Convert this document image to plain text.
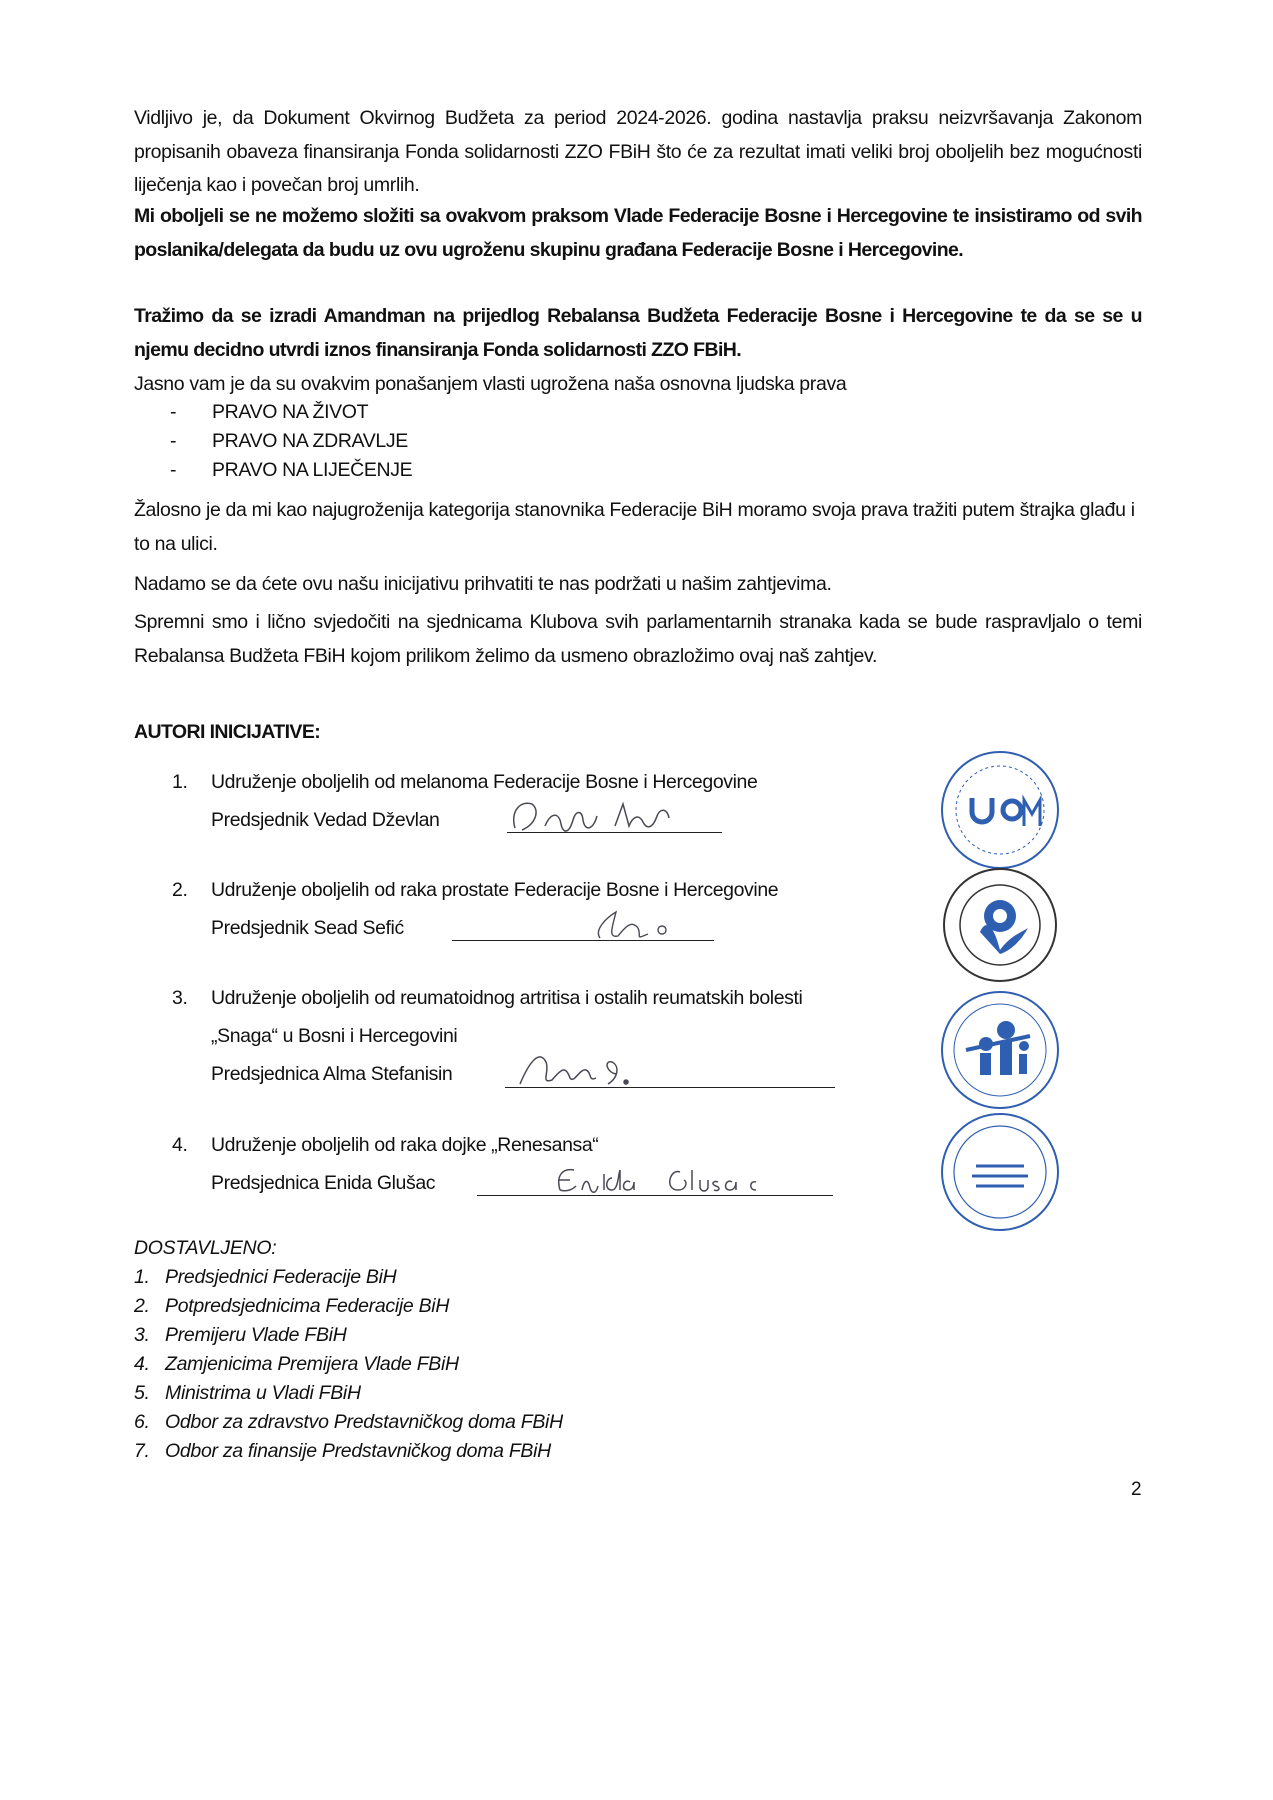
Vidljivo je, da Dokument Okvirnog Budžeta za period 2024-2026. godina nastavlja praksu neizvršavanja Zakonom propisanih obaveza finansiranja Fonda solidarnosti ZZO FBiH što će za rezultat imati veliki broj oboljelih bez mogućnosti liječenja kao i povečan broj umrlih.
Mi oboljeli se ne možemo složiti sa ovakvom praksom Vlade Federacije Bosne i Hercegovine te insistiramo od svih poslanika/delegata da budu uz ovu ugroženu skupinu građana Federacije Bosne i Hercegovine.
Tražimo da se izradi Amandman na prijedlog Rebalansa Budžeta Federacije Bosne i Hercegovine te da se se u njemu decidno utvrdi iznos finansiranja Fonda solidarnosti ZZO FBiH.
Jasno vam je da su ovakvim ponašanjem vlasti ugrožena naša osnovna ljudska prava
- PRAVO NA ŽIVOT
- PRAVO NA ZDRAVLJE
- PRAVO NA LIJEČENJE
Žalosno je da mi kao najugroženija kategorija stanovnika Federacije BiH moramo svoja prava tražiti putem štrajka glađu i to na ulici.
Nadamo se da ćete ovu našu inicijativu prihvatiti te nas podržati u našim zahtjevima.
Spremni smo i lično svjedočiti na sjednicama Klubova svih parlamentarnih stranaka kada se bude raspravljalo o temi Rebalansa Budžeta FBiH kojom prilikom želimo da usmeno obrazložimo ovaj naš zahtjev.
AUTORI INICIJATIVE:
1. Udruženje oboljelih od melanoma Federacije Bosne i Hercegovine
Predsjednik Vedad Dževlan
2. Udruženje oboljelih od raka prostate Federacije Bosne i Hercegovine
Predsjednik Sead Sefić
3. Udruženje oboljelih od reumatoidnog artritisa i ostalih reumatskih bolesti
„Snaga“ u Bosni i Hercegovini
Predsjednica Alma Stefanisin
4. Udruženje oboljelih od raka dojke „Renesansa“
Predsjednica Enida Glušac
DOSTAVLJENO:
1. Predsjednici Federacije BiH
2. Potpredsjednicima Federacije BiH
3. Premijeru Vlade FBiH
4. Zamjenicima Premijera Vlade FBiH
5. Ministrima u Vladi FBiH
6. Odbor za zdravstvo Predstavničkog doma FBiH
7. Odbor za finansije Predstavničkog doma FBiH
2
